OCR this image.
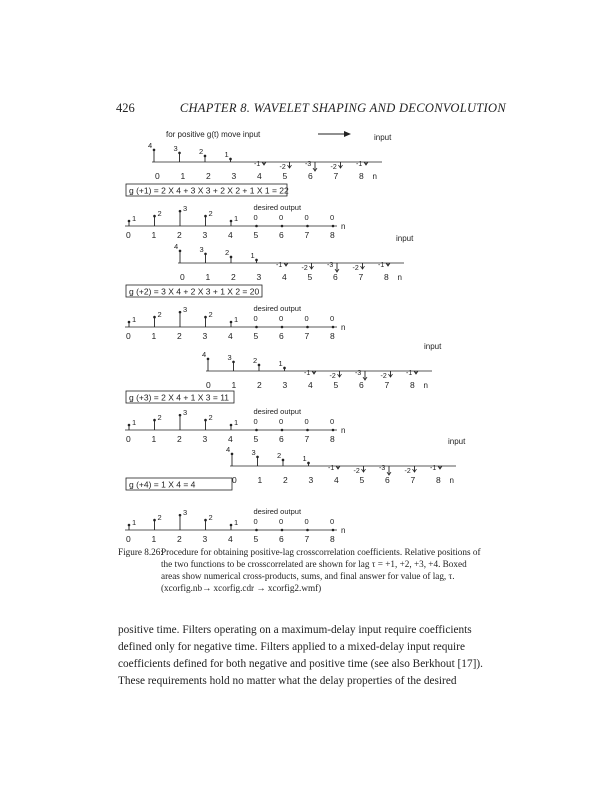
426	CHAPTER 8. WAVELET SHAPING AND DECONVOLUTION
for positive g(t) move input
4	3	2	1
-1	-2	-3	-2	-1
input
0 1 2 3 4 5 6 7 8 n
g (+1) = 2 X 4 + 3 X 3 + 2 X 2 + 1 X 1 = 22
1
2
3
2
1 0	0	0	0
desired output
0 1 2 3 4 5 6 7 8
n
4	3	2	1
-1	-2	-3	-2	-1
input
0 1 2 3 4 5 6 7 8 n
g (+2) = 3 X 4 + 2 X 3 + 1 X 2 = 20
1
2
3
2
1 0	0	0	0
desired output
0 1 2 3 4 5 6 7 8
n
4	3	2	1
-1	-2	-3	-2	-1
input
0 1 2 3 4 5 6 7 8 n
g (+3) = 2 X 4 + 1 X 3 = 11
1
2
3
2
1 0	0	0	0
desired output
0 1 2 3 4 5 6 7 8
n
4	3	2	1
-1	-2	-3	-2	-1
input
0 1 2 3 4 5 6 7 8 n
g (+4) = 1 X 4 = 4
1
2
3
2
1 0	0	0	0
desired output
0 1 2 3 4 5 6 7 8
n
Figure 8.26:
Procedure for obtaining positive-lag crosscorrelation coefficients. Relative positions of the two functions to be crosscorrelated are shown for lag τ = +1, +2, +3, +4. Boxed areas show numerical cross-products, sums, and final answer for value of lag, τ. (xcorfig.nb→ xcorfig.cdr → xcorfig2.wmf)
positive time. Filters operating on a maximum-delay input require coefficients
defined only for negative time. Filters applied to a mixed-delay input require
coefficients defined for both negative and positive time (see also Berkhout [17]).
These requirements hold no matter what the delay properties of the desired
